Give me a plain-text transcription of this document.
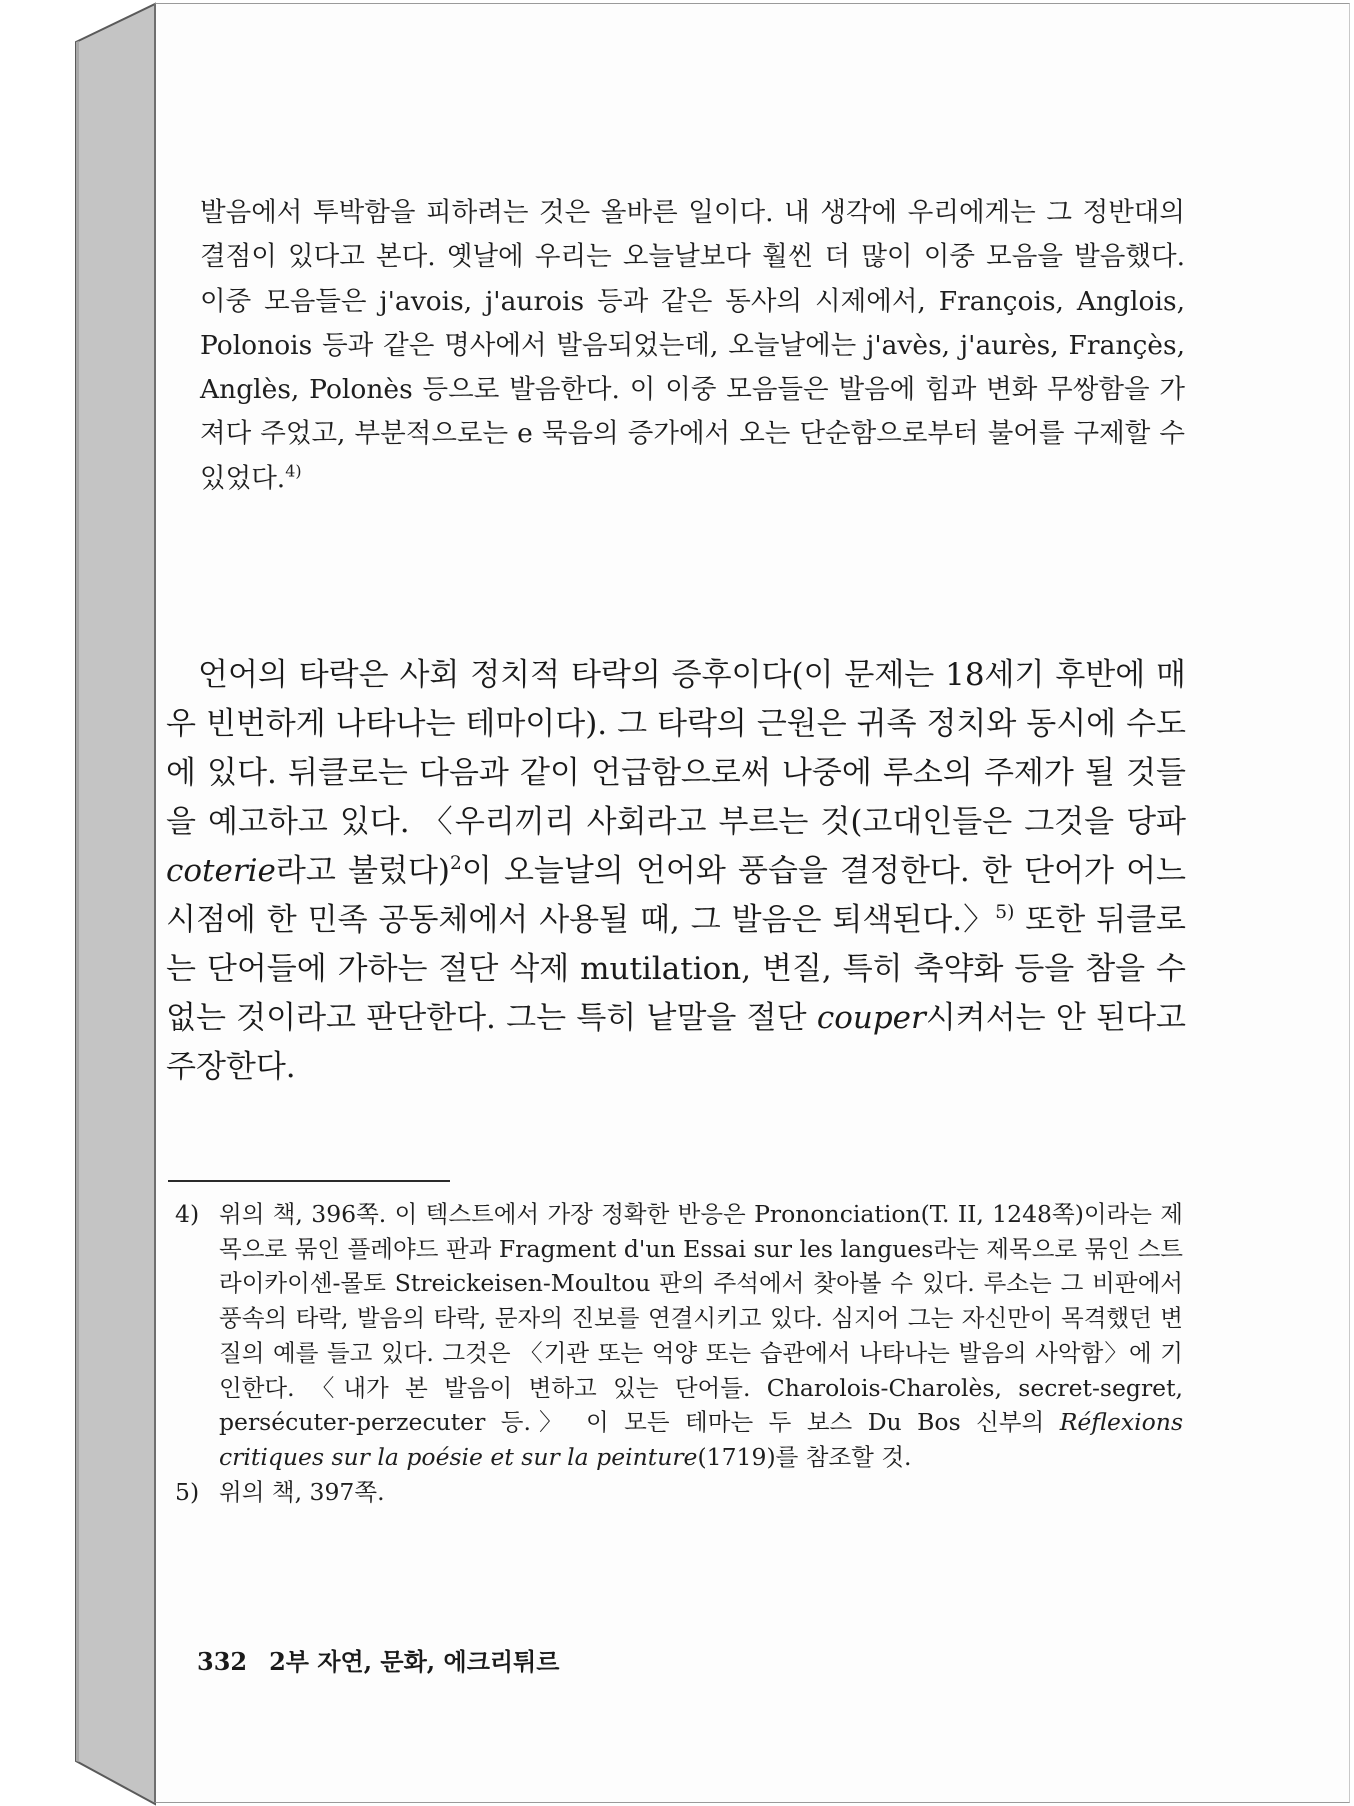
발음에서 투박함을 피하려는 것은 올바른 일이다. 내 생각에 우리에게는 그 정반대의 결점이 있다고 본다. 옛날에 우리는 오늘날보다 훨씬 더 많이 이중 모음을 발음했다. 이중 모음들은 j'avois, j'aurois 등과 같은 동사의 시제에서, François, Anglois, Polonois 등과 같은 명사에서 발음되었는데, 오늘날에는 j'avès, j'aurès, Françès, Anglès, Polonès 등으로 발음한다. 이 이중 모음들은 발음에 힘과 변화 무쌍함을 가져다 주었고, 부분적으로는 e 묵음의 증가에서 오는 단순함으로부터 불어를 구제할 수 있었다.$^{4)}$

언어의 타락은 사회 정치적 타락의 증후이다(이 문제는 18세기 후반에 매우 빈번하게 나타나는 테마이다). 그 타락의 근원은 귀족 정치와 동시에 수도에 있다. 뒤클로는 다음과 같이 언급함으로써 나중에 루소의 주제가 될 것들을 예고하고 있다. 〈우리끼리 사회라고 부르는 것(고대인들은 그것을 당파 coterie라고 불렀다)$^2$이 오늘날의 언어와 풍습을 결정한다. 한 단어가 어느 시점에 한 민족 공동체에서 사용될 때, 그 발음은 퇴색된다.〉$^{5)}$ 또한 뒤클로는 단어들에 가하는 절단 삭제 mutilation, 변질, 특히 축약화 등을 참을 수 없는 것이라고 판단한다. 그는 특히 낱말을 절단 couper시켜서는 안 된다고 주장한다.

4) 위의 책, 396쪽. 이 텍스트에서 가장 정확한 반응은 Prononciation(T. II, 1248쪽)이라는 제목으로 묶인 플레야드 판과 Fragment d'un Essai sur les langues라는 제목으로 묶인 스트라이카이센-몰토 Streickeisen-Moultou 판의 주석에서 찾아볼 수 있다. 루소는 그 비판에서 풍속의 타락, 발음의 타락, 문자의 진보를 연결시키고 있다. 심지어 그는 자신만이 목격했던 변질의 예를 들고 있다. 그것은 〈기관 또는 억양 또는 습관에서 나타나는 발음의 사악함〉에 기인한다. 〈내가 본 발음이 변하고 있는 단어들. Charolois-Charolès, secret-segret, persécuter-perzecuter 등.〉 이 모든 테마는 두 보스 Du Bos 신부의 Réflexions critiques sur la poésie et sur la peinture(1719)를 참조할 것.
5) 위의 책, 397쪽.
332 2부 자연, 문화, 에크리튀르
